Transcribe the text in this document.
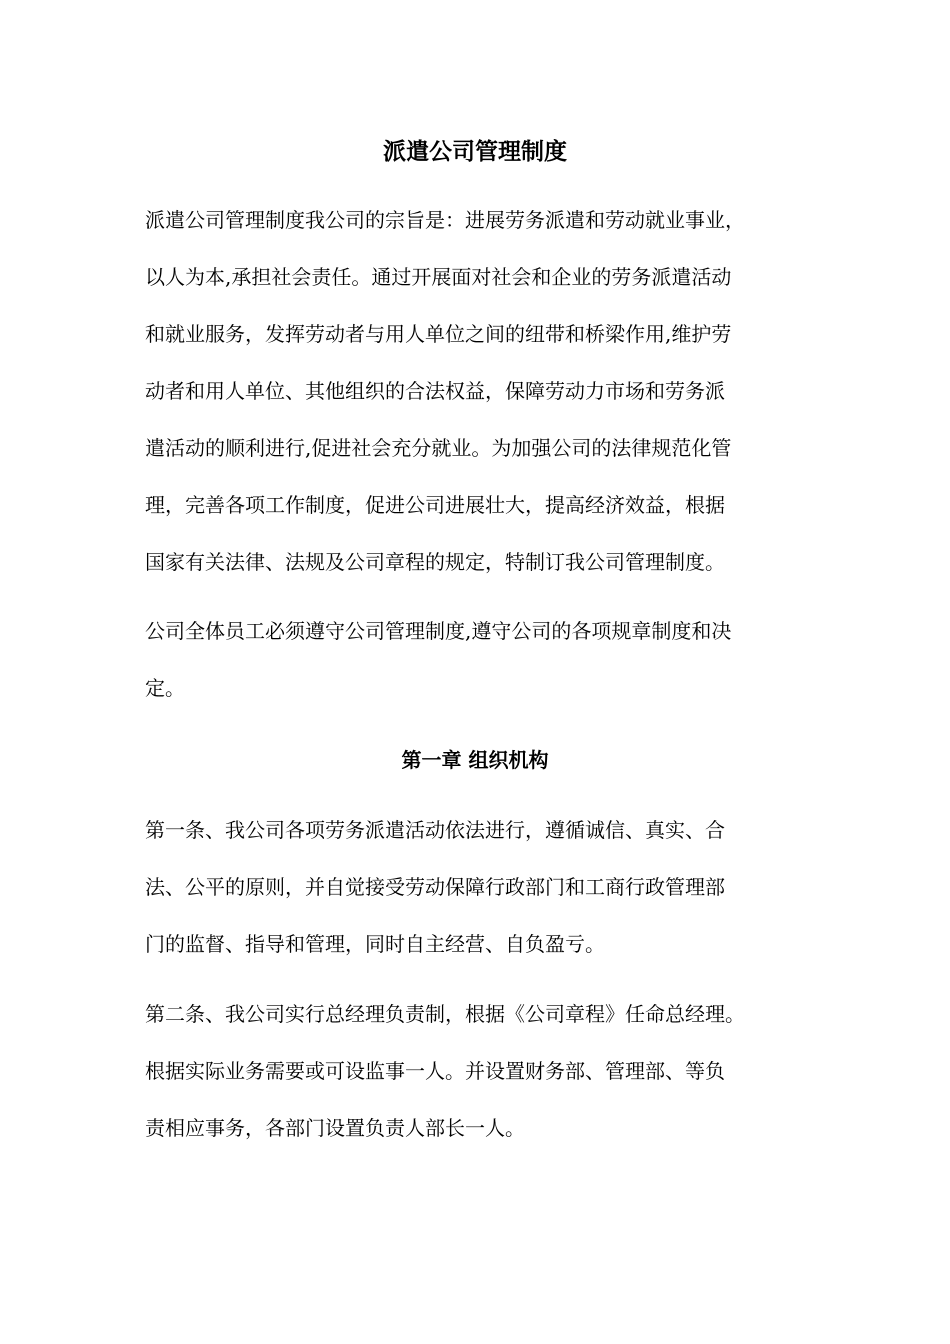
派遣公司管理制度

派遣公司管理制度我公司的宗旨是：进展劳务派遣和劳动就业事业，

以人为本,承担社会责任。通过开展面对社会和企业的劳务派遣活动

和就业服务，发挥劳动者与用人单位之间的纽带和桥梁作用,维护劳

动者和用人单位、其他组织的合法权益，保障劳动力市场和劳务派

遣活动的顺利进行,促进社会充分就业。为加强公司的法律规范化管

理，完善各项工作制度，促进公司进展壮大，提高经济效益，根据

国家有关法律、法规及公司章程的规定，特制订我公司管理制度。

公司全体员工必须遵守公司管理制度,遵守公司的各项规章制度和决

定。

第一章 组织机构

第一条、我公司各项劳务派遣活动依法进行，遵循诚信、真实、合

法、公平的原则，并自觉接受劳动保障行政部门和工商行政管理部

门的监督、指导和管理，同时自主经营、自负盈亏。

第二条、我公司实行总经理负责制，根据《公司章程》任命总经理。

根据实际业务需要或可设监事一人。并设置财务部、管理部、等负

责相应事务，各部门设置负责人部长一人。
